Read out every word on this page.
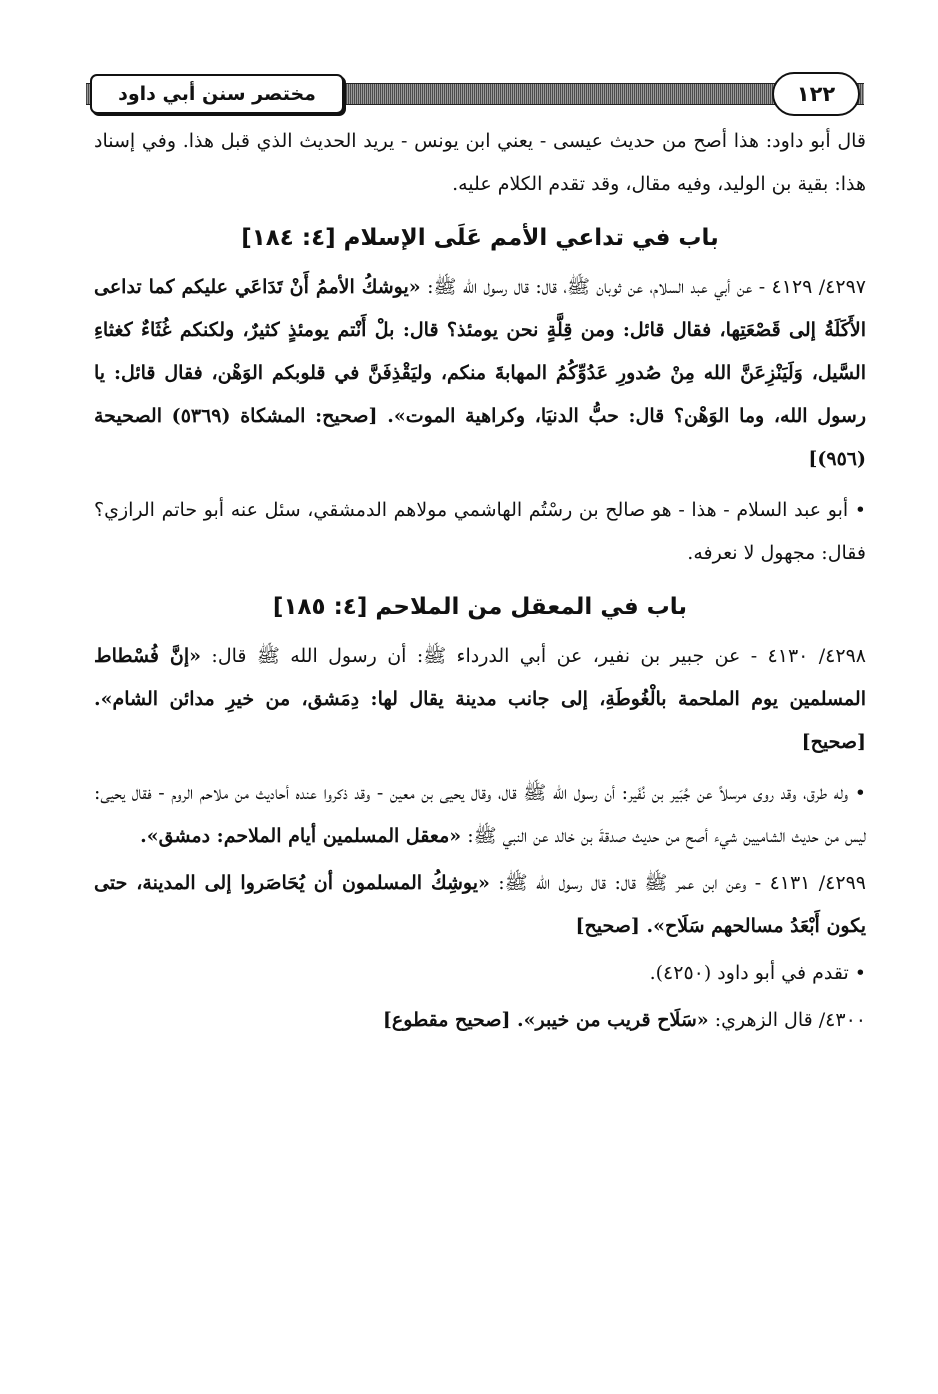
مختصر سنن أبي داود	١٢٢

قال أبو داود: هذا أصح من حديث عيسى - يعني ابن يونس - يريد الحديث الذي قبل هذا. وفي إسناد هذا: بقية بن الوليد، وفيه مقال، وقد تقدم الكلام عليه.

باب في تداعي الأمم عَلَى الإسلام [٤: ١٨٤]

٤٢٩٧/ ٤١٢٩ - عن أبي عبد السلام، عن ثوبان ﷺ، قال: قال رسول الله ﷺ: «يوشكُ الأممُ أَنْ تَدَاعَي عليكم كما تداعى الأَكَلَةُ إلى قَصْعَتِها، فقال قائل: ومن قِلَّةٍ نحن يومئذ؟ قال: بلْ أَنْتم يومئذٍ كثيرٌ، ولكنكم غُثَاءٌ كغثاءِ السَّيل، وَلَيَنْزِعَنَّ الله مِنْ صُدورِ عَدُوِّكُمُ المهابةَ منكم، وليَقْذِفَنَّ في قلوبكم الوَهْن، فقال قائل: يا رسول الله، وما الوَهْن؟ قال: حبُّ الدنيَا، وكراهية الموت». [صحيح: المشكاة (٥٣٦٩) الصحيحة (٩٥٦)]

• أبو عبد السلام - هذا - هو صالح بن رسْتُم الهاشمي مولاهم الدمشقي، سئل عنه أبو حاتم الرازي؟ فقال: مجهول لا نعرفه.

باب في المعقل من الملاحم [٤: ١٨٥]

٤٢٩٨/ ٤١٣٠ - عن جبير بن نفير، عن أبي الدرداء ﷺ: أن رسول الله ﷺ قال: «إنَّ فُسْطاط المسلمين يوم الملحمة بالْغُوطَةِ، إلى جانب مدينة يقال لها: دِمَشق، من خيرِ مدائن الشام». [صحيح]

• وله طرق، وقد روى مرسلاً عن جُبَير بن نُفَير: أن رسول الله ﷺ قال، وقال يحيى بن معين - وقد ذكروا عنده أحاديث من ملاحم الروم - فقال يحيى: ليس من حديث الشاميين شيء أصح من حديث صدقةَ بن خالد عن النبي ﷺ: «معقل المسلمين أيام الملاحم: دمشق».

٤٢٩٩/ ٤١٣١ - وعن ابن عمر ﷺ قال: قال رسول الله ﷺ: «يوشِكُ المسلمون أن يُحَاصَروا إلى المدينة، حتى يكون أَبْعَدُ مسالحهم سَلَاح». [صحيح]

• تقدم في أبو داود (٤٢٥٠).

٤٣٠٠/ قال الزهري: «سَلَاح قريب من خيبر». [صحيح مقطوع]
